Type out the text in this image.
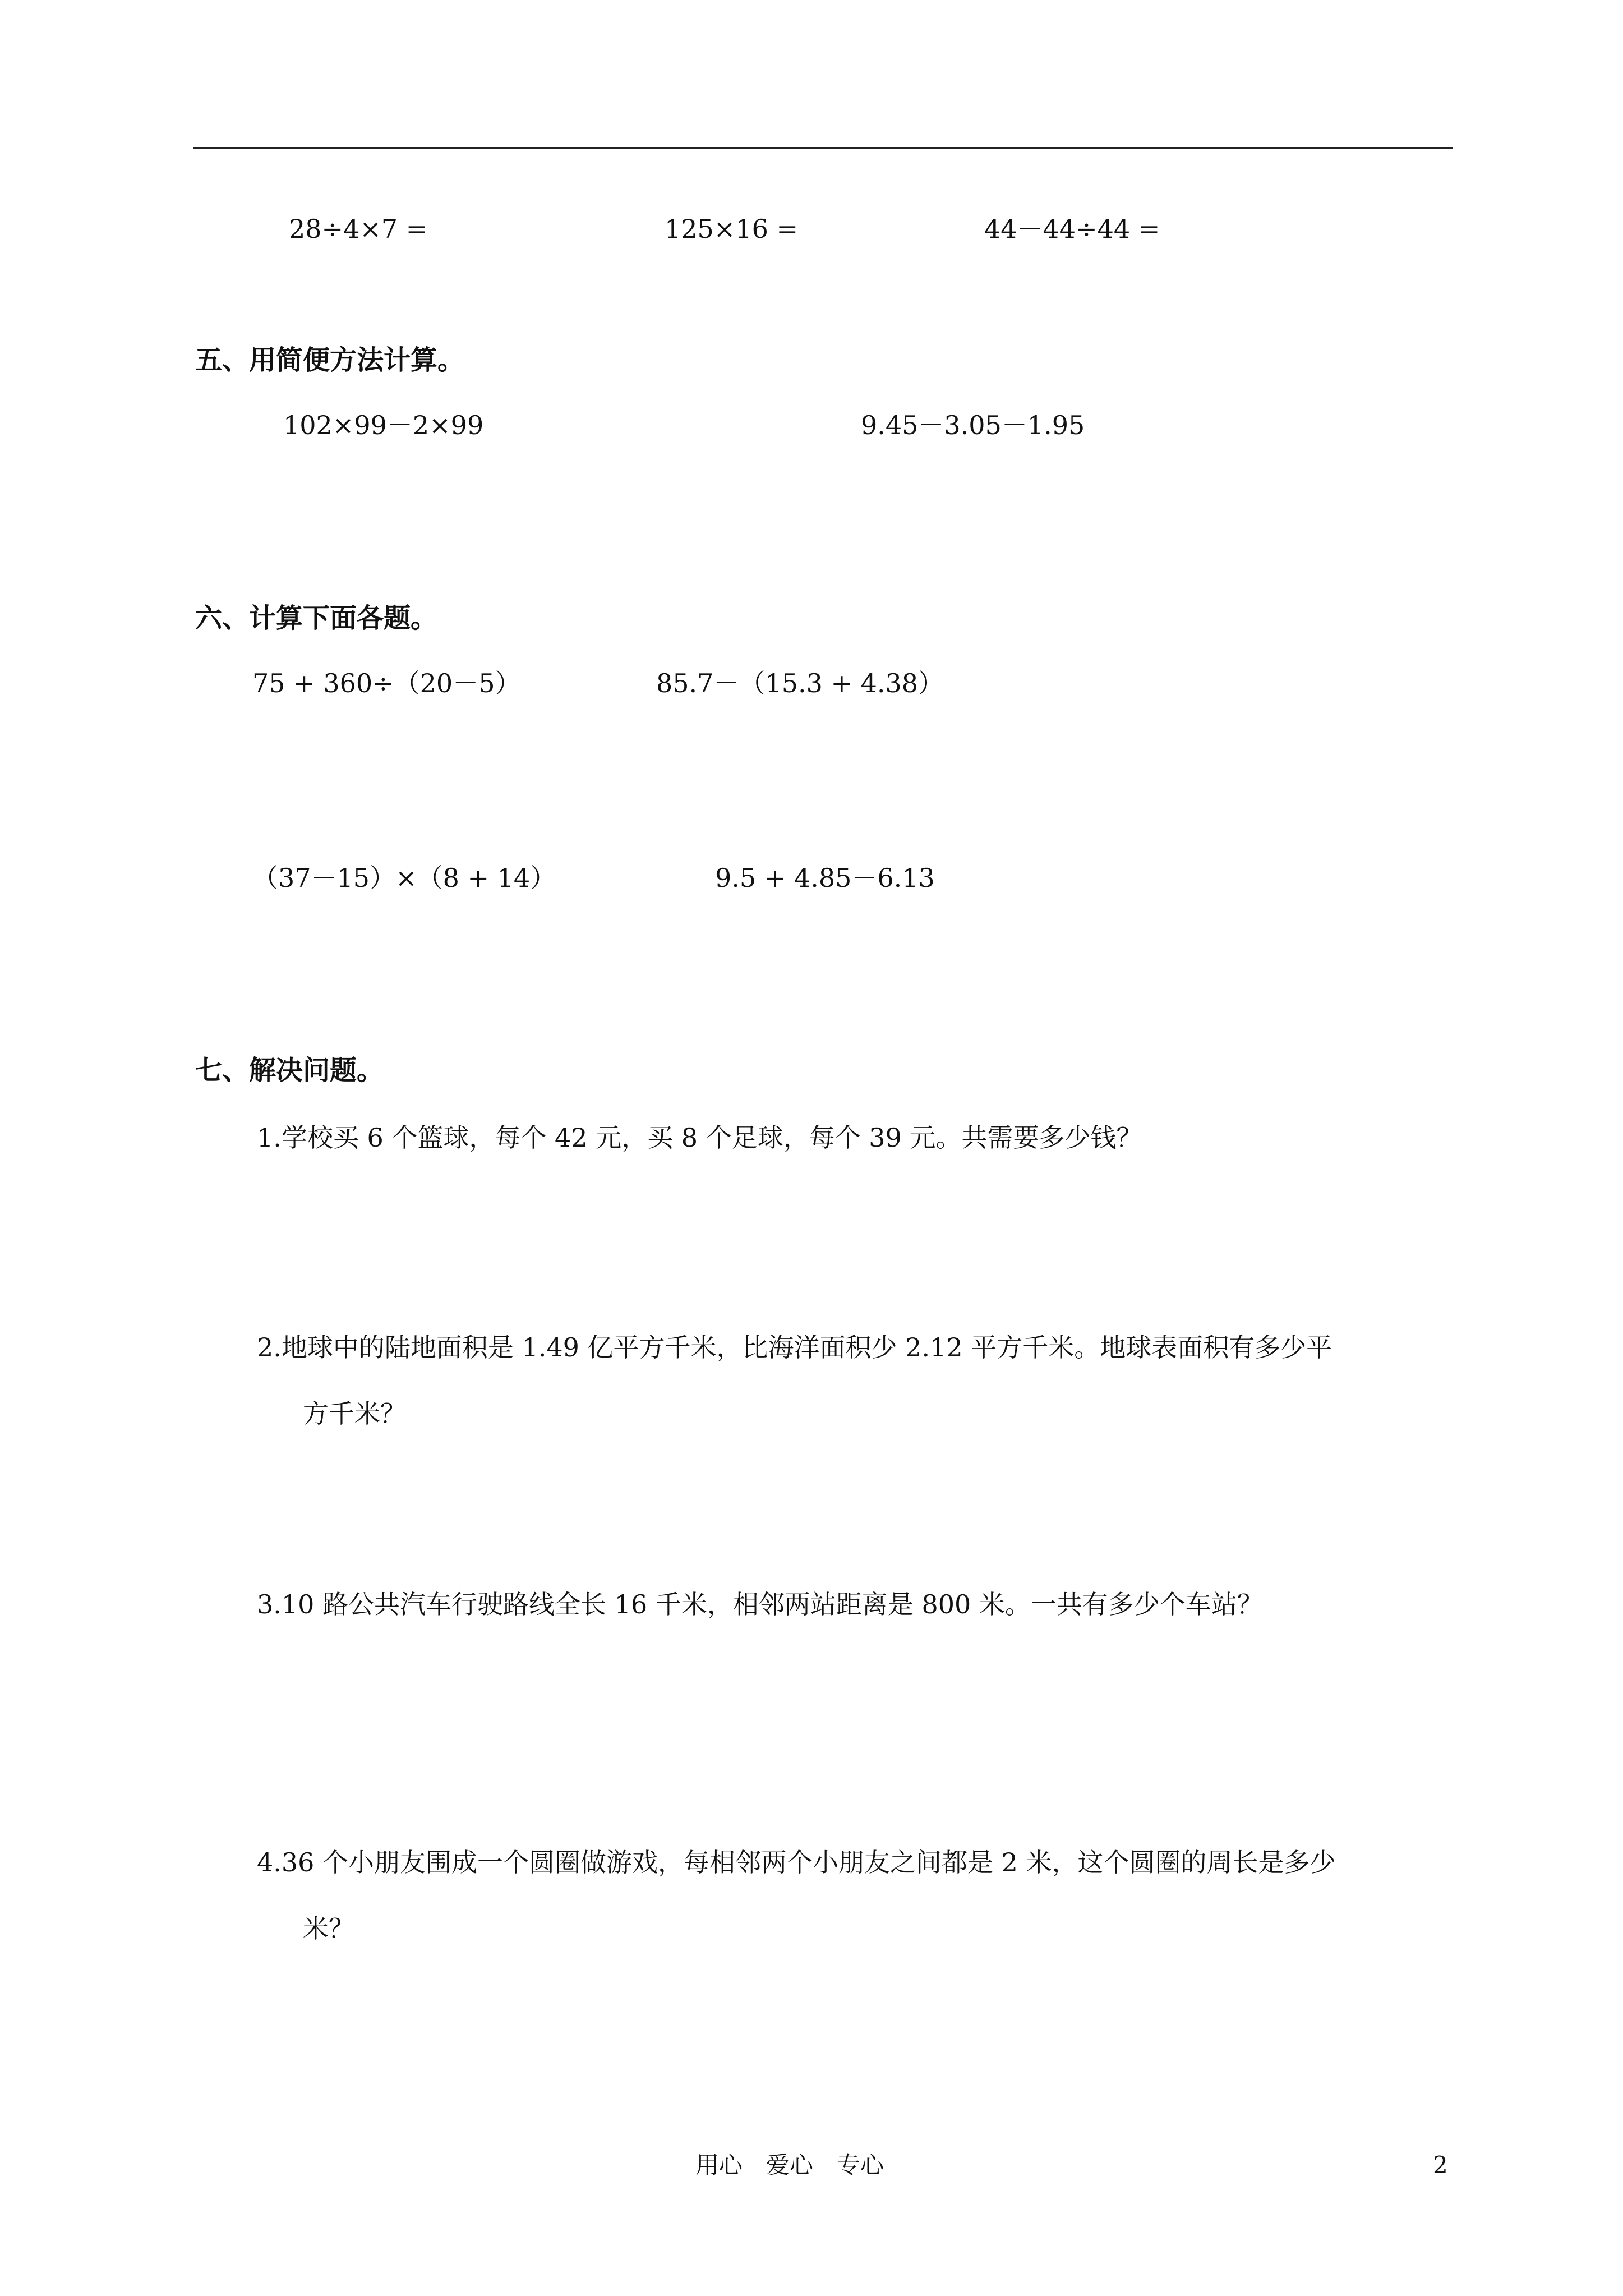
28÷4×7 =	125×16 =	44－44÷44 =
五、用简便方法计算。
102×99－2×99	9.45－3.05－1.95
六、计算下面各题。
75 + 360÷（20－5）	85.7－（15.3 + 4.38）
（37－15）×（8 + 14）	9.5 + 4.85－6.13
七、解决问题。
1.学校买 6 个篮球，每个 42 元，买 8 个足球，每个 39 元。共需要多少钱？
2.地球中的陆地面积是 1.49 亿平方千米，比海洋面积少 2.12 平方千米。地球表面积有多少平
方千米？
3.10 路公共汽车行驶路线全长 16 千米，相邻两站距离是 800 米。一共有多少个车站？
4.36 个小朋友围成一个圆圈做游戏，每相邻两个小朋友之间都是 2 米，这个圆圈的周长是多少
米？
用心　爱心　专心	2
